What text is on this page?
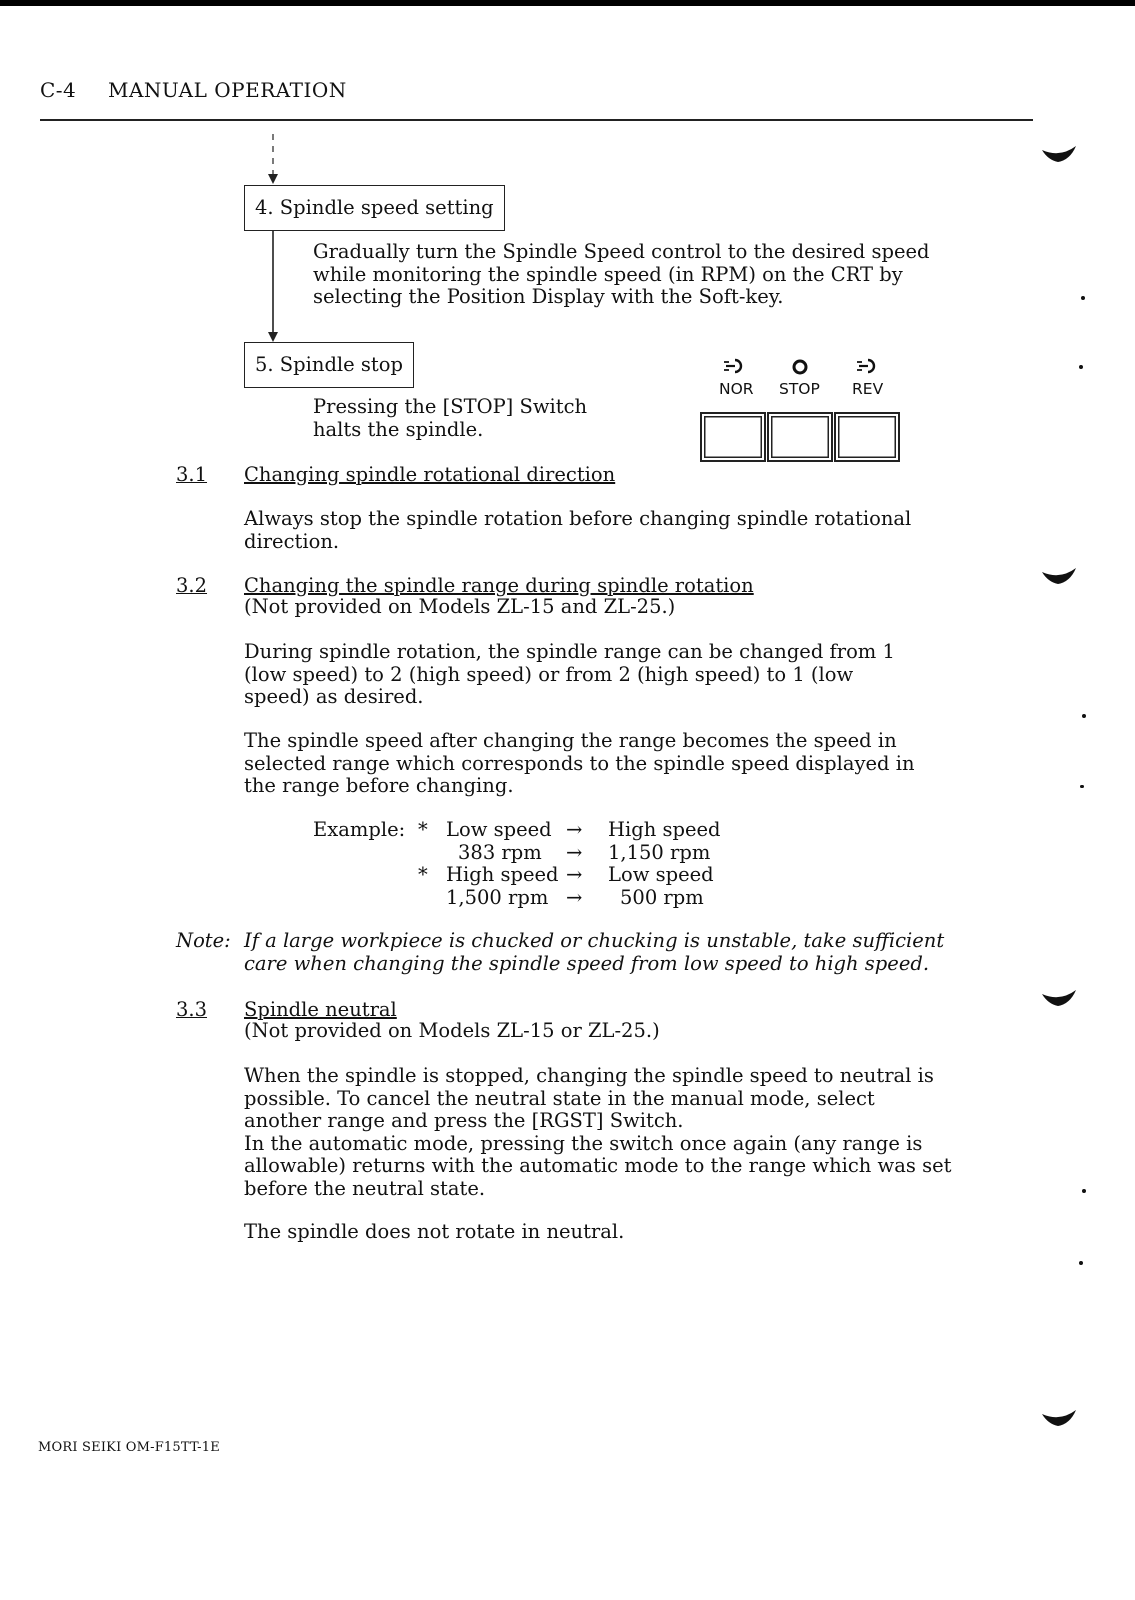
C-4 MANUAL OPERATION
4. Spindle speed setting
Gradually turn the Spindle Speed control to the desired speed
while monitoring the spindle speed (in RPM) on the CRT by
selecting the Position Display with the Soft-key.
5. Spindle stop
Pressing the [STOP] Switch
halts the spindle.
NOR STOP REV
3.1 Changing spindle rotational direction
Always stop the spindle rotation before changing spindle rotational
direction.
3.2 Changing the spindle range during spindle rotation
(Not provided on Models ZL-15 and ZL-25.)
During spindle rotation, the spindle range can be changed from 1
(low speed) to 2 (high speed) or from 2 (high speed) to 1 (low
speed) as desired.
The spindle speed after changing the range becomes the speed in
selected range which corresponds to the spindle speed displayed in
the range before changing.
Example: *	Low speed	→	High speed
	383 rpm	→	1,150 rpm
*	High speed	→	Low speed
	1,500 rpm	→	500 rpm
Note: If a large workpiece is chucked or chucking is unstable, take sufficient
care when changing the spindle speed from low speed to high speed.
3.3 Spindle neutral
(Not provided on Models ZL-15 or ZL-25.)
When the spindle is stopped, changing the spindle speed to neutral is
possible. To cancel the neutral state in the manual mode, select
another range and press the [RGST] Switch.
In the automatic mode, pressing the switch once again (any range is
allowable) returns with the automatic mode to the range which was set
before the neutral state.
The spindle does not rotate in neutral.
MORI SEIKI OM-F15TT-1E
